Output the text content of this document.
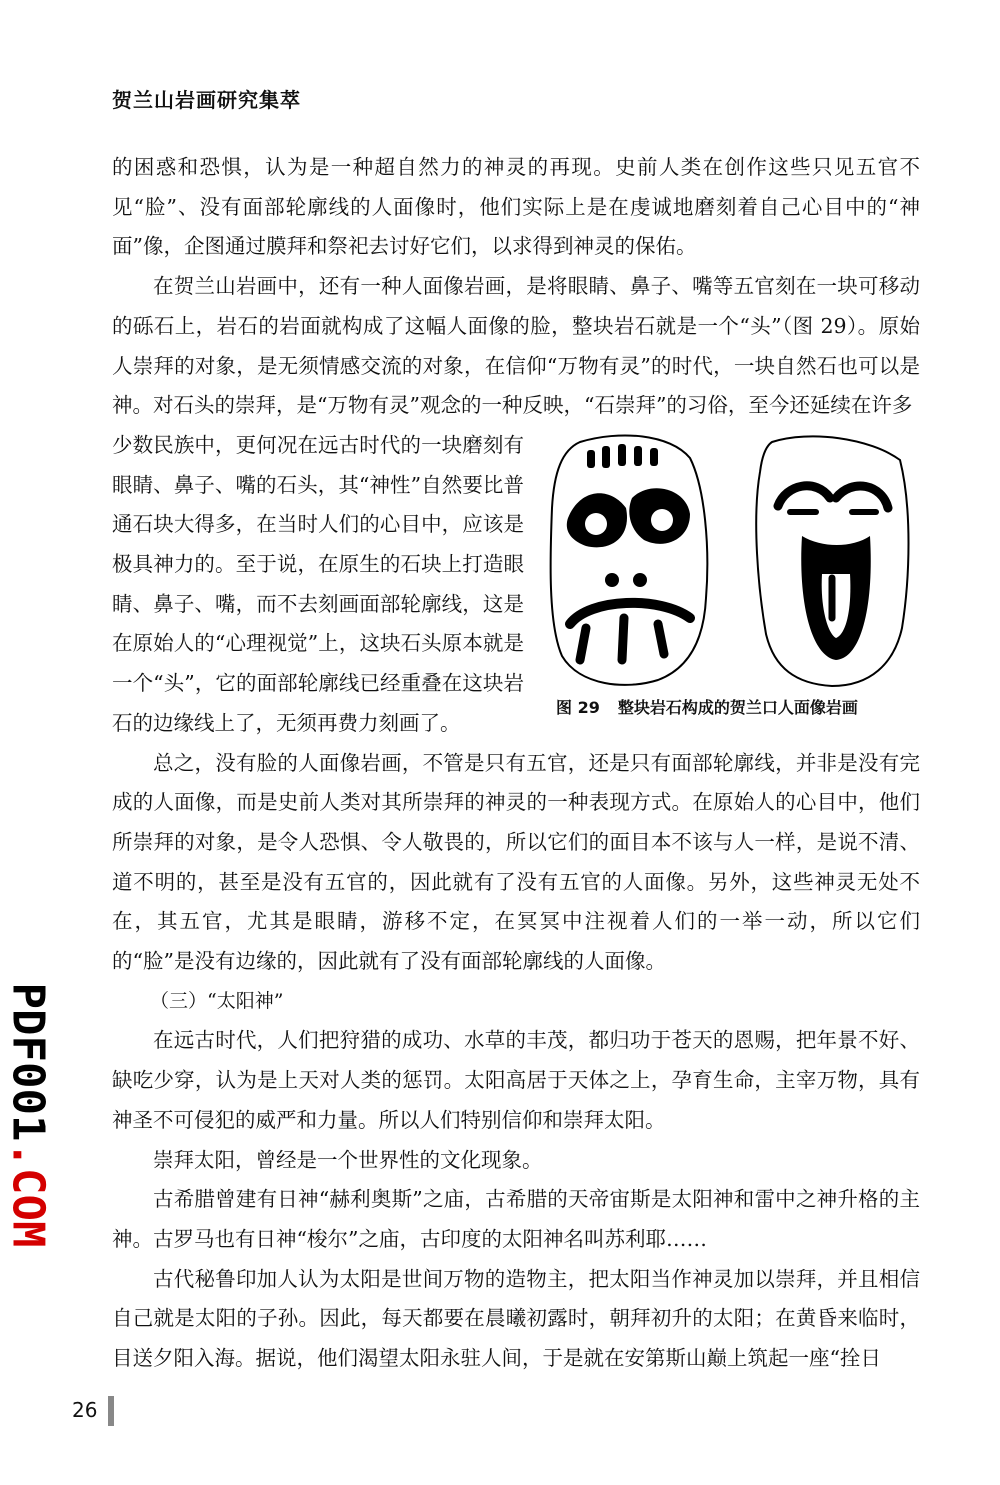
贺兰山岩画研究集萃

的困惑和恐惧，认为是一种超自然力的神灵的再现。史前人类在创作这些只见五官不见“脸”、没有面部轮廓线的人面像时，他们实际上是在虔诚地磨刻着自己心目中的“神面”像，企图通过膜拜和祭祀去讨好它们，以求得到神灵的保佑。

在贺兰山岩画中，还有一种人面像岩画，是将眼睛、鼻子、嘴等五官刻在一块可移动的砾石上，岩石的岩面就构成了这幅人面像的脸，整块岩石就是一个“头”（图 29）。原始人崇拜的对象，是无须情感交流的对象，在信仰“万物有灵”的时代，一块自然石也可以是神。对石头的崇拜，是“万物有灵”观念的一种反映，“石崇拜”的习俗，至今还延续在许多

少数民族中，更何况在远古时代的一块磨刻有眼睛、鼻子、嘴的石头，其“神性”自然要比普通石块大得多，在当时人们的心目中，应该是极具神力的。至于说，在原生的石块上打造眼睛、鼻子、嘴，而不去刻画面部轮廓线，这是在原始人的“心理视觉”上，这块石头原本就是一个“头”，它的面部轮廓线已经重叠在这块岩石的边缘线上了，无须再费力刻画了。

总之，没有脸的人面像岩画，不管是只有五官，还是只有面部轮廓线，并非是没有完成的人面像，而是史前人类对其所崇拜的神灵的一种表现方式。在原始人的心目中，他们所崇拜的对象，是令人恐惧、令人敬畏的，所以它们的面目本不该与人一样，是说不清、道不明的，甚至是没有五官的，因此就有了没有五官的人面像。另外，这些神灵无处不在，其五官，尤其是眼睛，游移不定，在冥冥中注视着人们的一举一动，所以它们的“脸”是没有边缘的，因此就有了没有面部轮廓线的人面像。

（三）“太阳神”

在远古时代，人们把狩猎的成功、水草的丰茂，都归功于苍天的恩赐，把年景不好、缺吃少穿，认为是上天对人类的惩罚。太阳高居于天体之上，孕育生命，主宰万物，具有神圣不可侵犯的威严和力量。所以人们特别信仰和崇拜太阳。

崇拜太阳，曾经是一个世界性的文化现象。

古希腊曾建有日神“赫利奥斯”之庙，古希腊的天帝宙斯是太阳神和雷中之神升格的主神。古罗马也有日神“梭尔”之庙，古印度的太阳神名叫苏利耶……

古代秘鲁印加人认为太阳是世间万物的造物主，把太阳当作神灵加以崇拜，并且相信自己就是太阳的子孙。因此，每天都要在晨曦初露时，朝拜初升的太阳；在黄昏来临时，目送夕阳入海。据说，他们渴望太阳永驻人间，于是就在安第斯山巅上筑起一座“拴日

图 29 整块岩石构成的贺兰口人面像岩画
PDF001.COM
26
